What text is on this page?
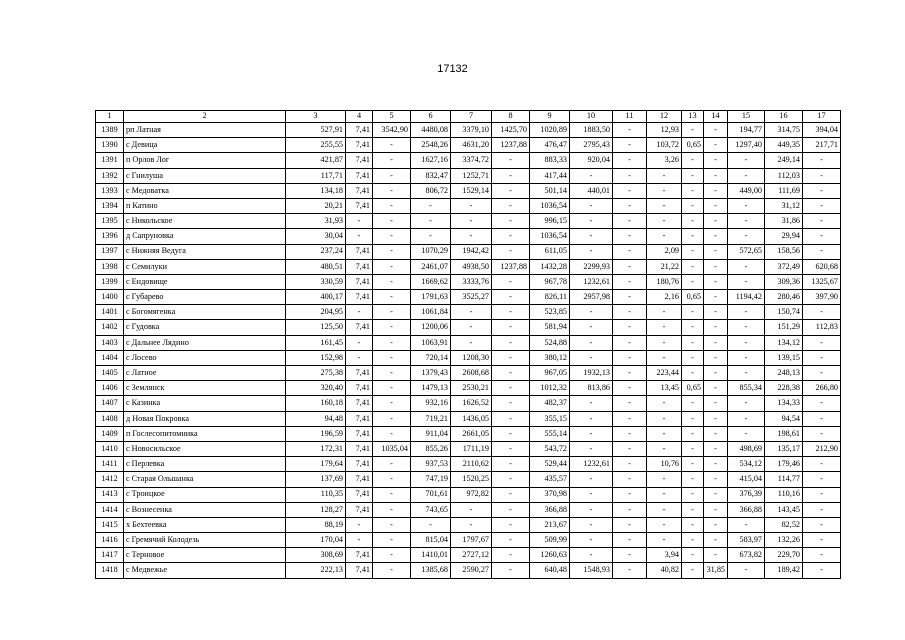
17132
1	2	3	4	5	6	7	8	9	10	11	12	13	14	15	16	17
1389	рп Латная	527,91	7,41	3542,90	4480,08	3379,10	1425,70	1020,89	1883,50	-	12,93	-	-	194,77	314,75	394,04
1390	с Девица	255,55	7,41	-	2548,26	4631,20	1237,88	476,47	2795,43	-	103,72	0,65	-	1297,40	449,35	217,71
1391	п Орлов Лог	421,87	7,41	-	1627,16	3374,72	-	883,33	920,04	-	3,26	-	-	-	249,14	-
1392	с Гнилуша	117,71	7,41	-	832,47	1252,71	-	417,44	-	-	-	-	-	-	112,03	-
1393	с Медоватка	134,18	7,41	-	806,72	1529,14	-	501,14	440,01	-	-	-	-	449,00	111,69	-
1394	п Катино	20,21	7,41	-	-	-	-	1036,54	-	-	-	-	-	-	31,12	-
1395	с Никольское	31,93	-	-	-	-	-	996,15	-	-	-	-	-	-	31,86	-
1396	д Сапруновка	30,04	-	-	-	-	-	1036,54	-	-	-	-	-	-	29,94	-
1397	с Нижняя Ведуга	237,24	7,41	-	1070,29	1942,42	-	611,05	-	-	2,09	-	-	572,65	158,56	-
1398	с Семилуки	480,51	7,41	-	2461,07	4938,50	1237,88	1432,28	2299,93	-	21,22	-	-	-	372,49	620,68
1399	с Ендовище	330,59	7,41	-	1669,62	3333,76	-	967,78	1232,61	-	180,76	-	-	-	309,36	1325,67
1400	с Губарево	400,17	7,41	-	1791,63	3525,27	-	826,11	2957,98	-	2,16	0,65	-	1194,42	280,46	397,90
1401	с Богомягенка	204,95	-	-	1061,84	-	-	523,85	-	-	-	-	-	-	150,74	-
1402	с Гудовка	125,50	7,41	-	1200,06	-	-	581,94	-	-	-	-	-	-	151,29	112,83
1403	с Дальнее Лядино	161,45	-	-	1063,91	-	-	524,88	-	-	-	-	-	-	134,12	-
1404	с Лосево	152,98	-	-	720,14	1208,30	-	380,12	-	-	-	-	-	-	139,15	-
1405	с Латное	275,38	7,41	-	1379,43	2608,68	-	967,05	1932,13	-	223,44	-	-	-	248,13	-
1406	с Землянск	320,40	7,41	-	1479,13	2530,21	-	1012,32	813,86	-	13,45	0,65	-	855,34	228,38	266,80
1407	с Казинка	160,18	7,41	-	932,16	1626,52	-	482,37	-	-	-	-	-	-	134,33	-
1408	д Новая Покровка	94,48	7,41	-	719,21	1436,05	-	355,15	-	-	-	-	-	-	94,54	-
1409	п Гослесопитомника	196,59	7,41	-	911,04	2661,05	-	555,14	-	-	-	-	-	-	198,61	-
1410	с Новосильское	172,31	7,41	1035,04	855,26	1711,19	-	543,72	-	-	-	-	-	498,69	135,17	212,90
1411	с Перлевка	179,64	7,41	-	937,53	2110,62	-	529,44	1232,61	-	10,76	-	-	534,12	179,46	-
1412	с Старая Ольшанка	137,69	7,41	-	747,19	1520,25	-	435,57	-	-	-	-	-	415,04	114,77	-
1413	с Троицкое	110,35	7,41	-	701,61	972,82	-	370,98	-	-	-	-	-	376,39	110,16	-
1414	с Вознесенка	128,27	7,41	-	743,65	-	-	366,88	-	-	-	-	-	366,88	143,45	-
1415	х Бехтеевка	88,19	-	-	-	-	-	213,67	-	-	-	-	-	-	82,52	-
1416	с Гремячий Колодезь	170,04	-	-	815,04	1797,67	-	509,99	-	-	-	-	-	583,97	132,26	-
1417	с Терновое	308,69	7,41	-	1410,01	2727,12	-	1260,63	-	-	3,94	-	-	673,82	229,70	-
1418	с Медвежье	222,13	7,41	-	1385,68	2590,27	-	640,48	1548,93	-	40,82	-	31,85	-	189,42	-
